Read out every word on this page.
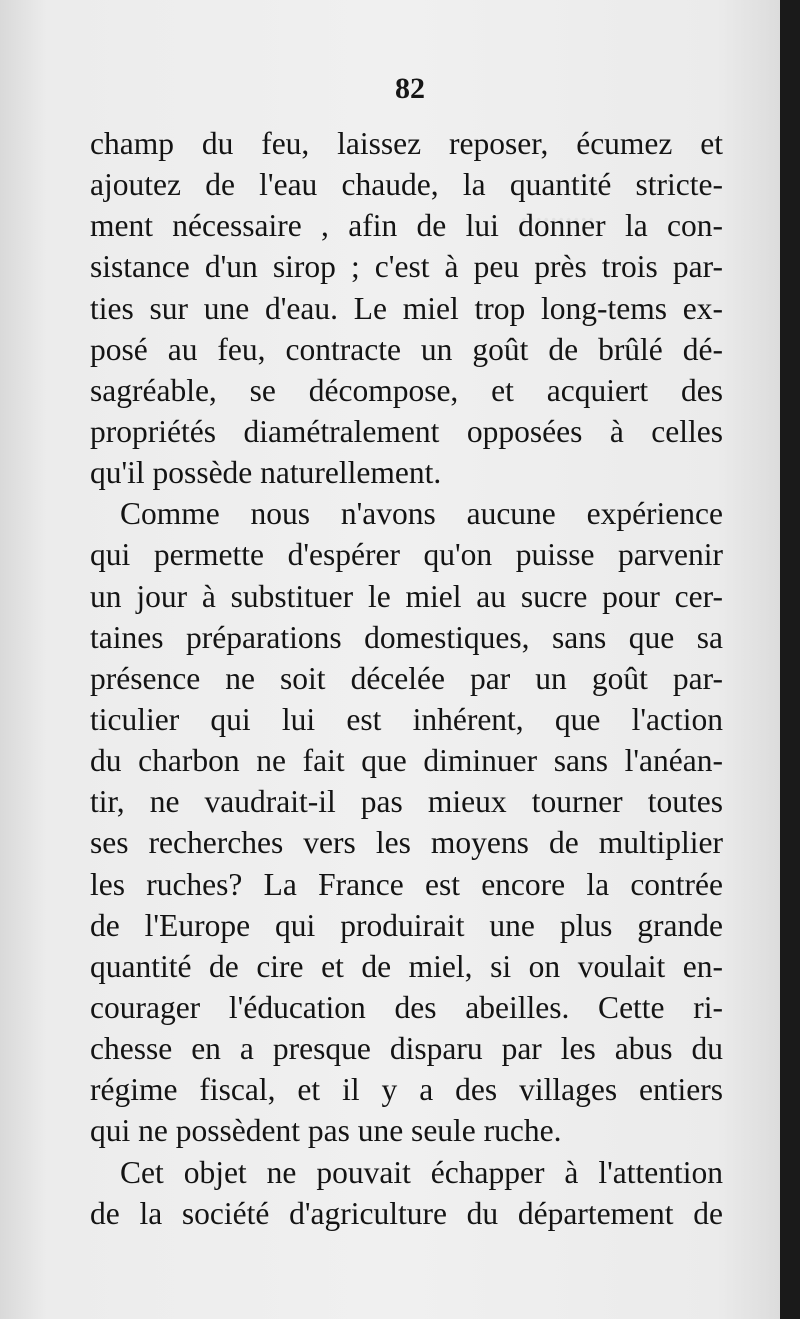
82
champ du feu, laissez reposer, écumez et
ajoutez de l'eau chaude, la quantité stricte-
ment nécessaire , afin de lui donner la con-
sistance d'un sirop ; c'est à peu près trois par-
ties sur une d'eau. Le miel trop long-tems ex-
posé au feu, contracte un goût de brûlé dé-
sagréable, se décompose, et acquiert des
propriétés diamétralement opposées à celles
qu'il possède naturellement.
Comme nous n'avons aucune expérience
qui permette d'espérer qu'on puisse parvenir
un jour à substituer le miel au sucre pour cer-
taines préparations domestiques, sans que sa
présence ne soit décelée par un goût par-
ticulier qui lui est inhérent, que l'action
du charbon ne fait que diminuer sans l'anéan-
tir, ne vaudrait-il pas mieux tourner toutes
ses recherches vers les moyens de multiplier
les ruches? La France est encore la contrée
de l'Europe qui produirait une plus grande
quantité de cire et de miel, si on voulait en-
courager l'éducation des abeilles. Cette ri-
chesse en a presque disparu par les abus du
régime fiscal, et il y a des villages entiers
qui ne possèdent pas une seule ruche.
Cet objet ne pouvait échapper à l'attention
de la société d'agriculture du département de
